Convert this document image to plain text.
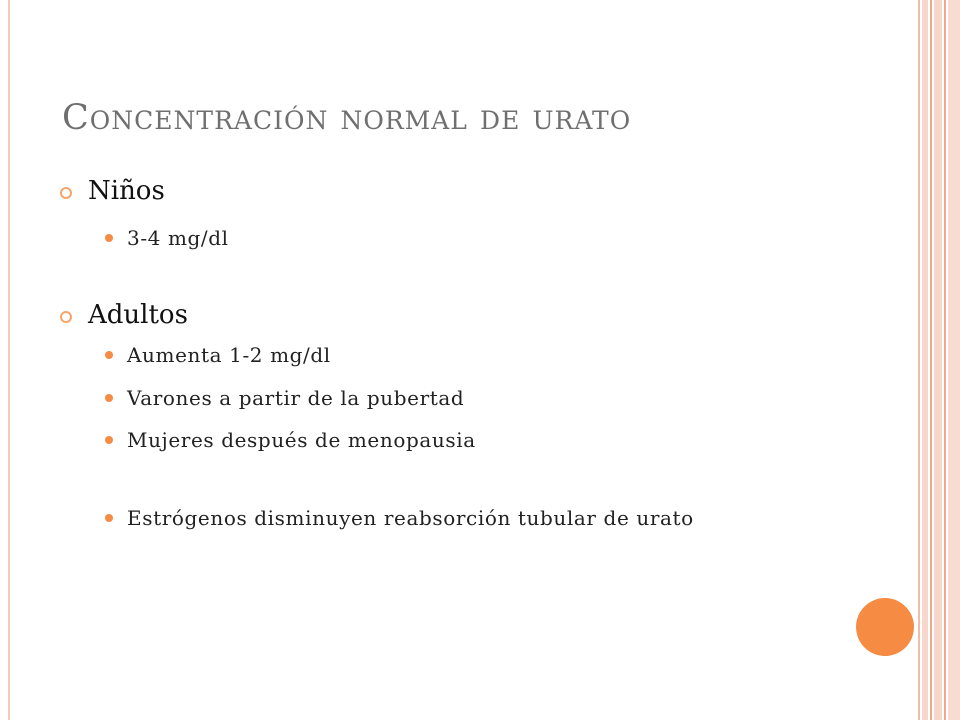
Concentración normal de urato
Niños
3-4 mg/dl
Adultos
Aumenta 1-2 mg/dl
Varones a partir de la pubertad
Mujeres después de menopausia
Estrógenos disminuyen reabsorción tubular de urato
